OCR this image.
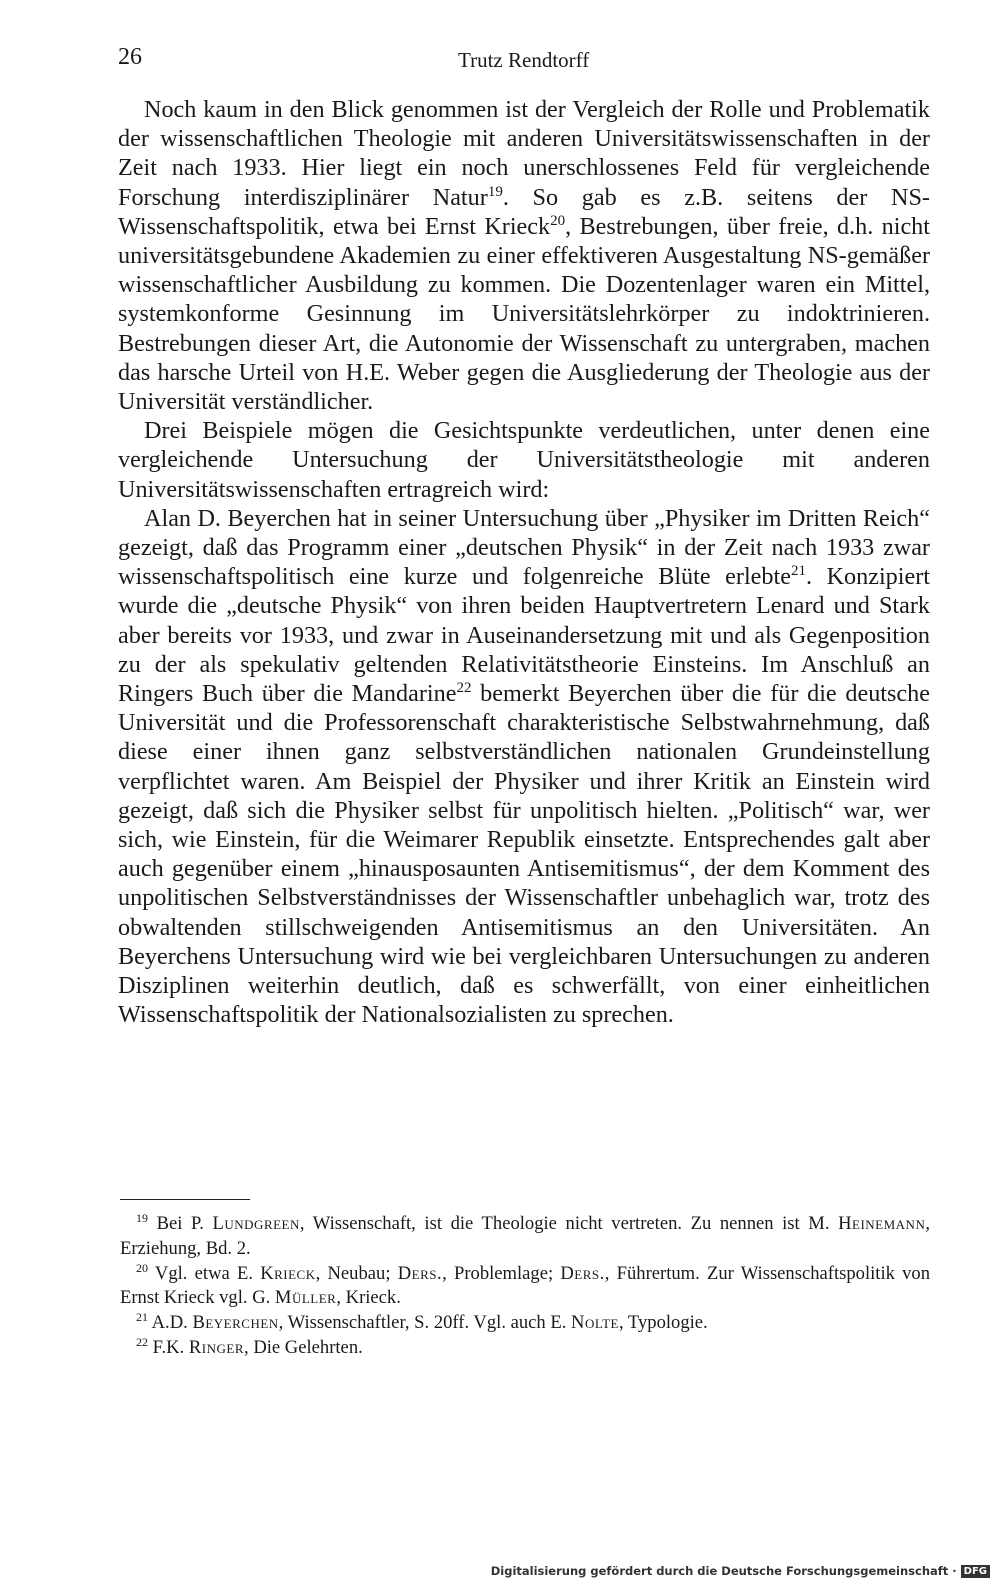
26	Trutz Rendtorff

Noch kaum in den Blick genommen ist der Vergleich der Rolle und Problematik der wissenschaftlichen Theologie mit anderen Universitätswissenschaften in der Zeit nach 1933. Hier liegt ein noch unerschlossenes Feld für vergleichende Forschung interdisziplinärer Natur$^{19}$. So gab es z.B. seitens der NS-Wissenschaftspolitik, etwa bei Ernst Krieck$^{20}$, Bestrebungen, über freie, d.h. nicht universitätsgebundene Akademien zu einer effektiveren Ausgestaltung NS-gemäßer wissenschaftlicher Ausbildung zu kommen. Die Dozentenlager waren ein Mittel, systemkonforme Gesinnung im Universitätslehrkörper zu indoktrinieren. Bestrebungen dieser Art, die Autonomie der Wissenschaft zu untergraben, machen das harsche Urteil von H.E. Weber gegen die Ausgliederung der Theologie aus der Universität verständlicher.

Drei Beispiele mögen die Gesichtspunkte verdeutlichen, unter denen eine vergleichende Untersuchung der Universitätstheologie mit anderen Universitätswissenschaften ertragreich wird:

Alan D. Beyerchen hat in seiner Untersuchung über „Physiker im Dritten Reich“ gezeigt, daß das Programm einer „deutschen Physik“ in der Zeit nach 1933 zwar wissenschaftspolitisch eine kurze und folgenreiche Blüte erlebte$^{21}$. Konzipiert wurde die „deutsche Physik“ von ihren beiden Hauptvertretern Lenard und Stark aber bereits vor 1933, und zwar in Auseinandersetzung mit und als Gegenposition zu der als spekulativ geltenden Relativitätstheorie Einsteins. Im Anschluß an Ringers Buch über die Mandarine$^{22}$ bemerkt Beyerchen über die für die deutsche Universität und die Professorenschaft charakteristische Selbstwahrnehmung, daß diese einer ihnen ganz selbstverständlichen nationalen Grundeinstellung verpflichtet waren. Am Beispiel der Physiker und ihrer Kritik an Einstein wird gezeigt, daß sich die Physiker selbst für unpolitisch hielten. „Politisch“ war, wer sich, wie Einstein, für die Weimarer Republik einsetzte. Entsprechendes galt aber auch gegenüber einem „hinausposaunten Antisemitismus“, der dem Komment des unpolitischen Selbstverständnisses der Wissenschaftler unbehaglich war, trotz des obwaltenden stillschweigenden Antisemitismus an den Universitäten. An Beyerchens Untersuchung wird wie bei vergleichbaren Untersuchungen zu anderen Disziplinen weiterhin deutlich, daß es schwerfällt, von einer einheitlichen Wissenschaftspolitik der Nationalsozialisten zu sprechen.

$^{19}$ Bei P. Lundgreen, Wissenschaft, ist die Theologie nicht vertreten. Zu nennen ist M. Heinemann, Erziehung, Bd. 2.

$^{20}$ Vgl. etwa E. Krieck, Neubau; Ders., Problemlage; Ders., Führertum. Zur Wissenschaftspolitik von Ernst Krieck vgl. G. Müller, Krieck.

$^{21}$ A.D. Beyerchen, Wissenschaftler, S. 20ff. Vgl. auch E. Nolte, Typologie.

$^{22}$ F.K. Ringer, Die Gelehrten.

Digitalisierung gefördert durch die Deutsche Forschungsgemeinschaft · DFG
